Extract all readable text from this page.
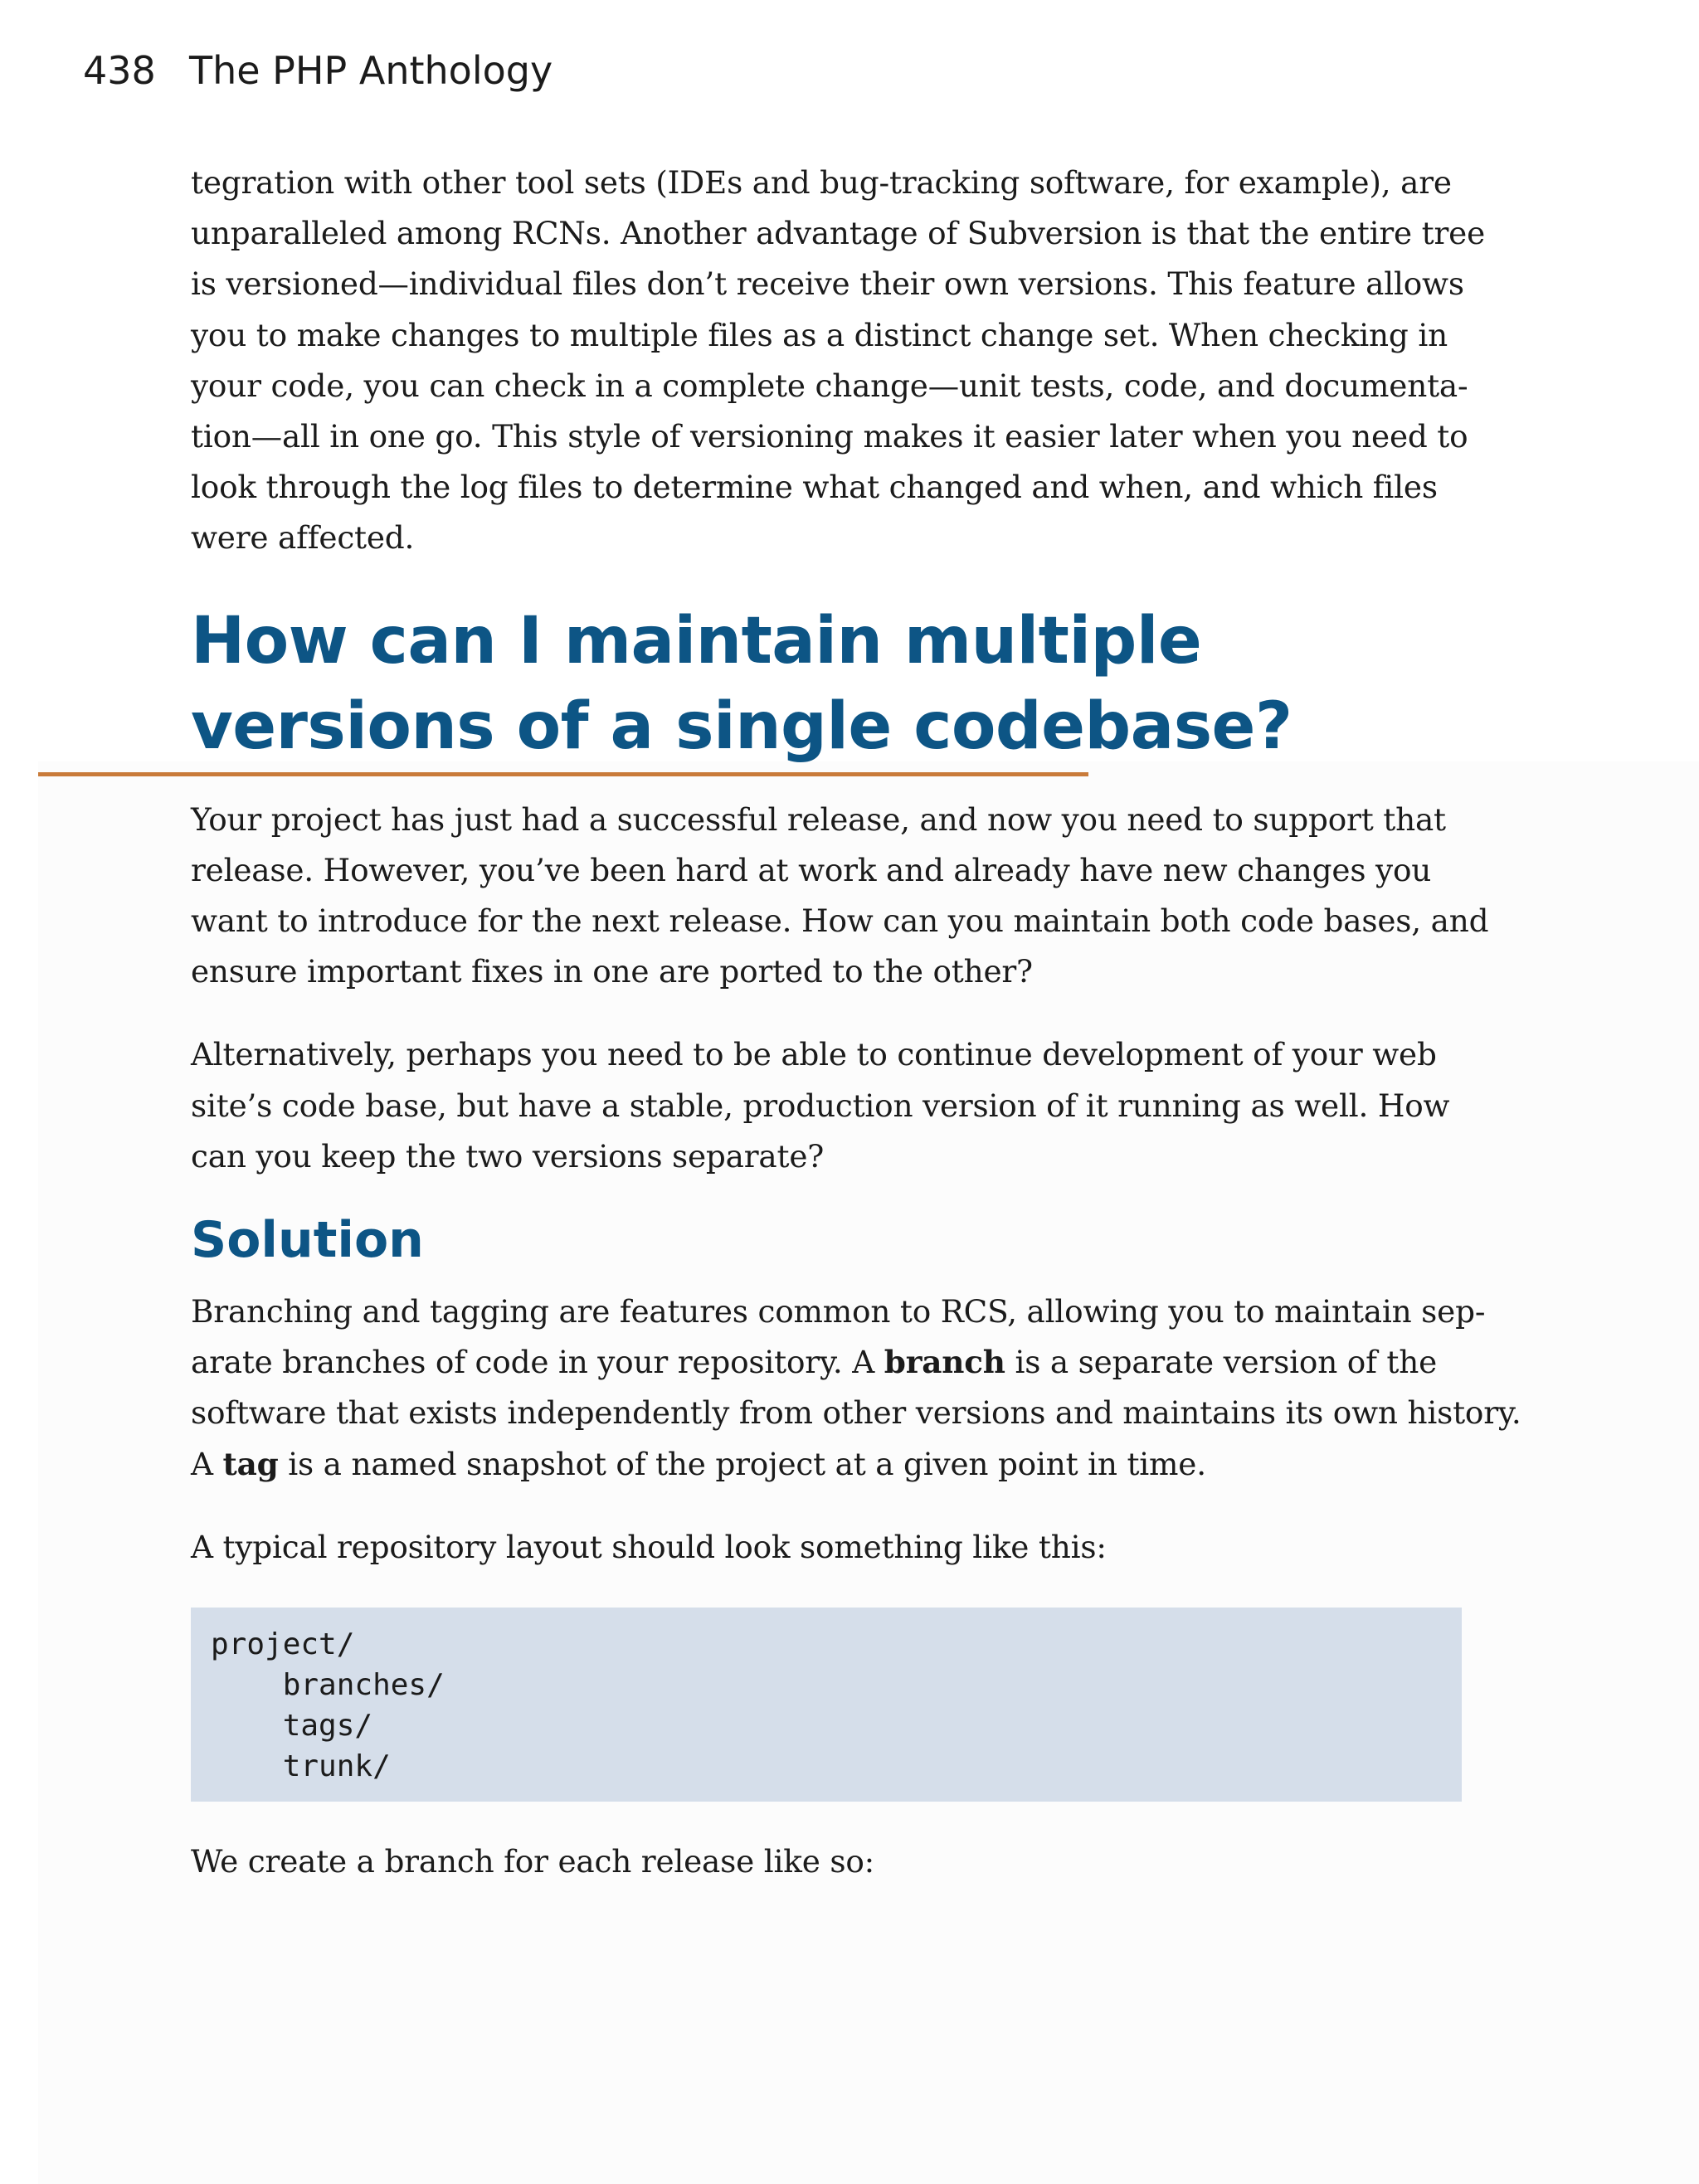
438 The PHP Anthology

tegration with other tool sets (IDEs and bug-tracking software, for example), are
unparalleled among RCNs. Another advantage of Subversion is that the entire tree
is versioned—individual files don’t receive their own versions. This feature allows
you to make changes to multiple files as a distinct change set. When checking in
your code, you can check in a complete change—unit tests, code, and documenta-
tion—all in one go. This style of versioning makes it easier later when you need to
look through the log files to determine what changed and when, and which files
were affected.

How can I maintain multiple
versions of a single codebase?

Your project has just had a successful release, and now you need to support that
release. However, you’ve been hard at work and already have new changes you
want to introduce for the next release. How can you maintain both code bases, and
ensure important fixes in one are ported to the other?

Alternatively, perhaps you need to be able to continue development of your web
site’s code base, but have a stable, production version of it running as well. How
can you keep the two versions separate?

Solution

Branching and tagging are features common to RCS, allowing you to maintain sep-
arate branches of code in your repository. A branch is a separate version of the
software that exists independently from other versions and maintains its own history.
A tag is a named snapshot of the project at a given point in time.

A typical repository layout should look something like this:

project/
branches/
tags/
trunk/

We create a branch for each release like so:
